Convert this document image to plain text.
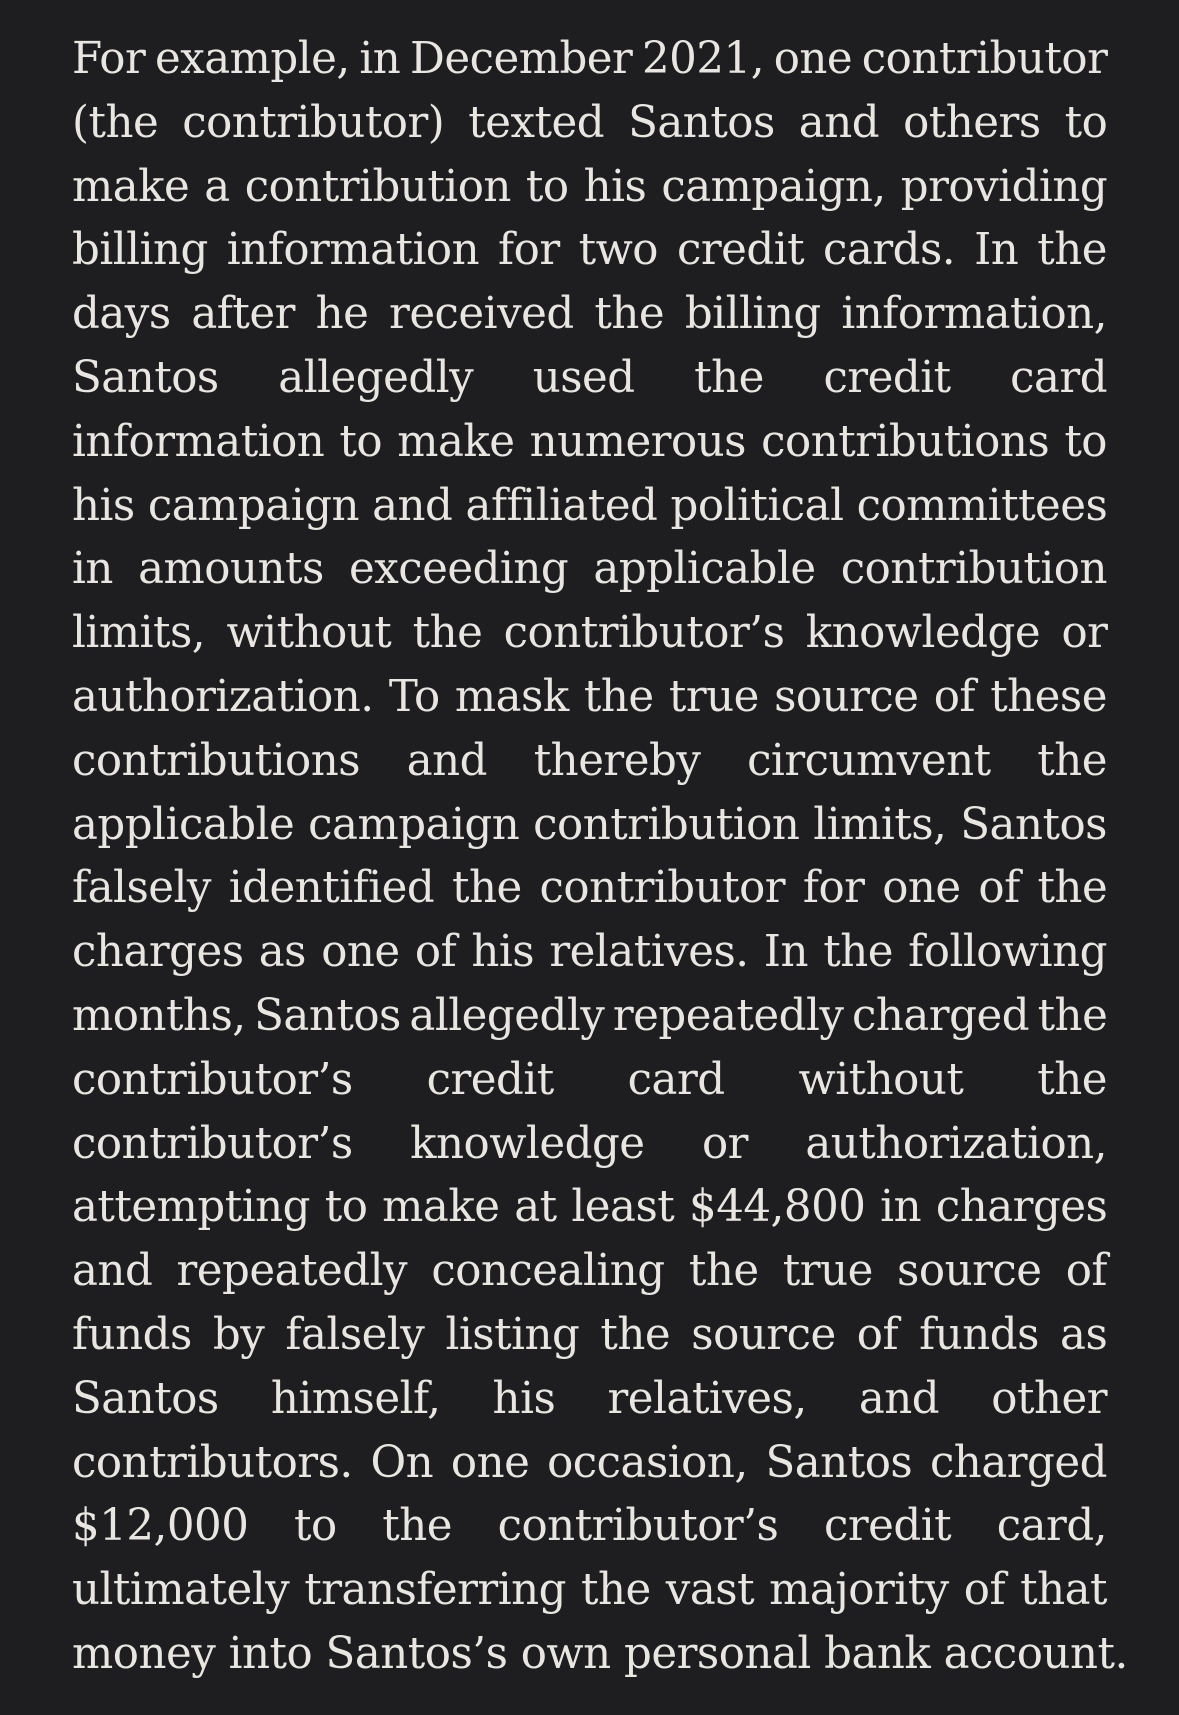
For example, in December 2021, one contributor
(the contributor) texted Santos and others to
make a contribution to his campaign, providing
billing information for two credit cards. In the
days after he received the billing information,
Santos allegedly used the credit card
information to make numerous contributions to
his campaign and affiliated political committees
in amounts exceeding applicable contribution
limits, without the contributor’s knowledge or
authorization. To mask the true source of these
contributions and thereby circumvent the
applicable campaign contribution limits, Santos
falsely identified the contributor for one of the
charges as one of his relatives. In the following
months, Santos allegedly repeatedly charged the
contributor’s credit card without the
contributor’s knowledge or authorization,
attempting to make at least $44,800 in charges
and repeatedly concealing the true source of
funds by falsely listing the source of funds as
Santos himself, his relatives, and other
contributors. On one occasion, Santos charged
$12,000 to the contributor’s credit card,
ultimately transferring the vast majority of that
money into Santos’s own personal bank account.
